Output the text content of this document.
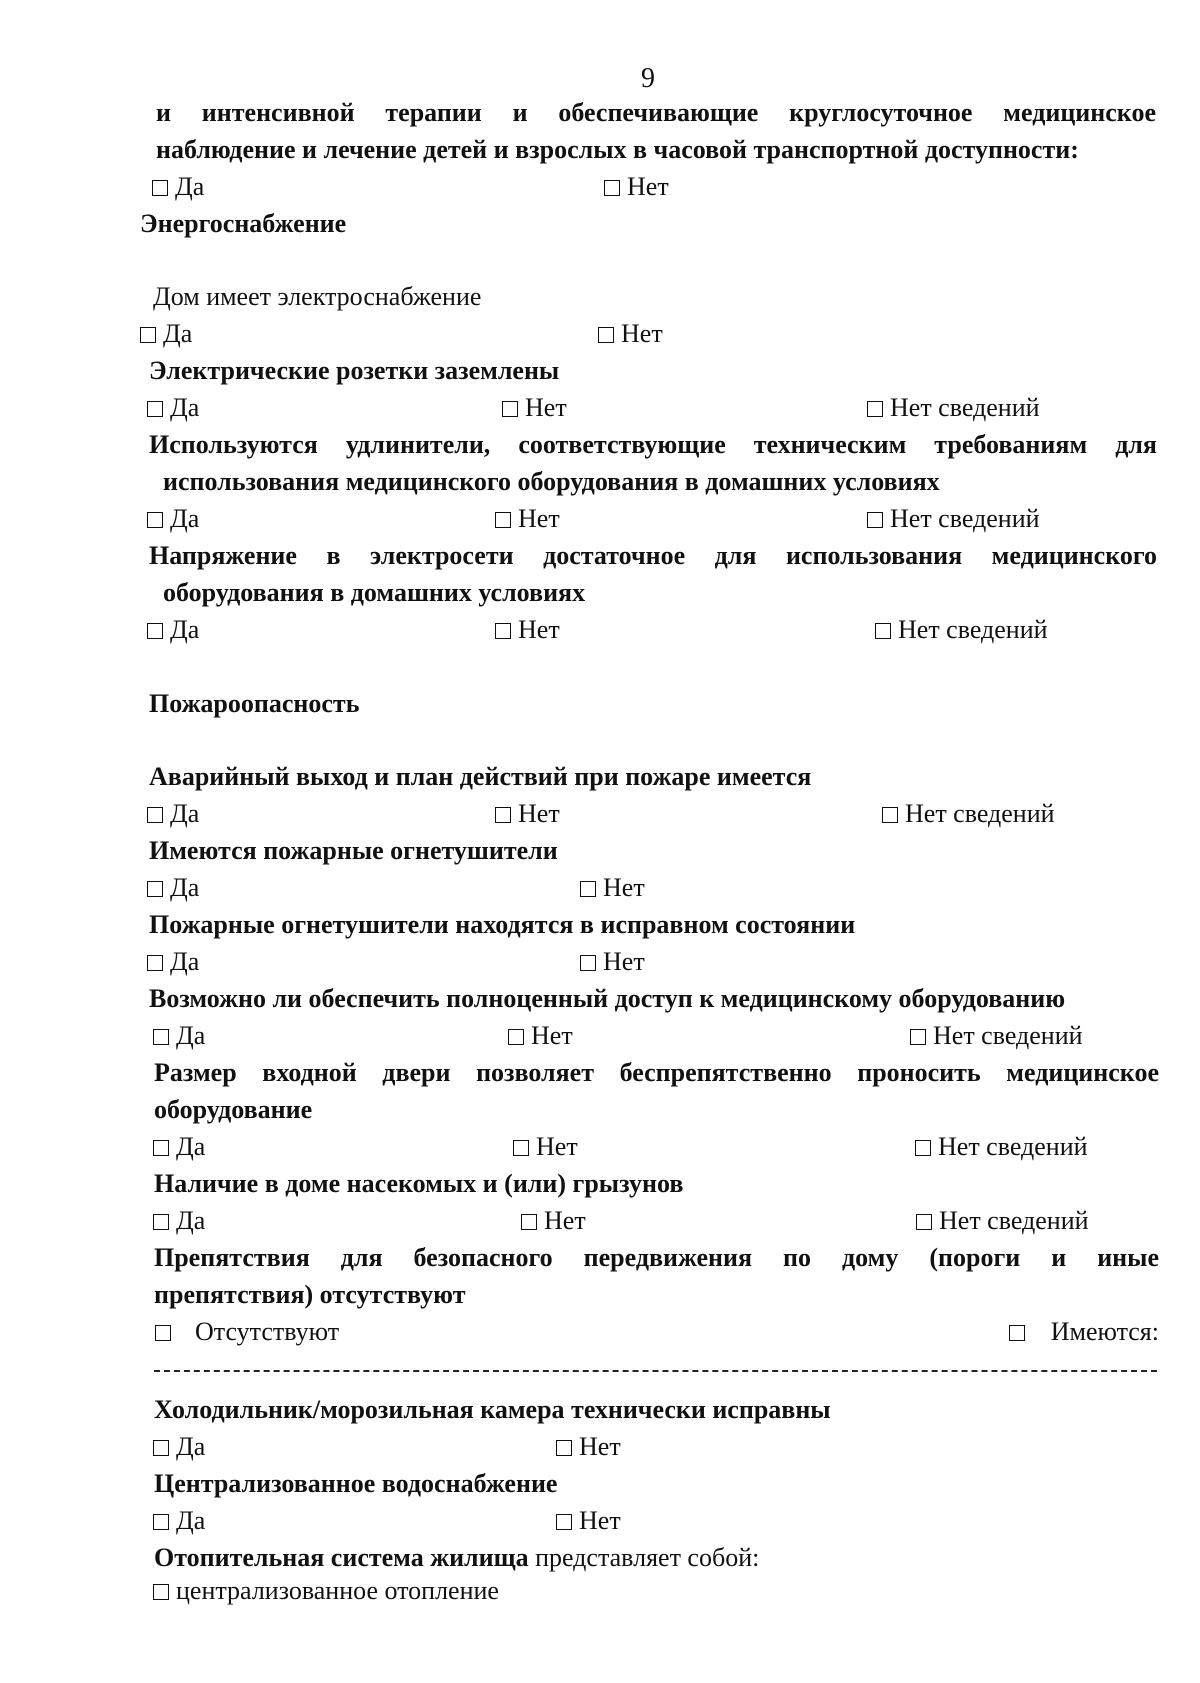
9
и интенсивной терапии и обеспечивающие круглосуточное медицинское
наблюдение и лечение детей и взрослых в часовой транспортной доступности:
Да	Нет
Энергоснабжение
Дом имеет электроснабжение
Да	Нет
Электрические розетки заземлены
Да	Нет	Нет сведений
Используются удлинители, соответствующие техническим требованиям для
использования медицинского оборудования в домашних условиях
Да	Нет	Нет сведений
Напряжение в электросети достаточное для использования медицинского
оборудования в домашних условиях
Да	Нет	Нет сведений
Пожароопасность
Аварийный выход и план действий при пожаре имеется
Да	Нет	Нет сведений
Имеются пожарные огнетушители
Да	Нет
Пожарные огнетушители находятся в исправном состоянии
Да	Нет
Возможно ли обеспечить полноценный доступ к медицинскому оборудованию
Да	Нет	Нет сведений
Размер входной двери позволяет беспрепятственно проносить медицинское
оборудование
Да	Нет	Нет сведений
Наличие в доме насекомых и (или) грызунов
Да	Нет	Нет сведений
Препятствия для безопасного передвижения по дому (пороги и иные
препятствия) отсутствуют
Отсутствуют	Имеются:
Холодильник/морозильная камера технически исправны
Да	Нет
Централизованное водоснабжение
Да	Нет
Отопительная система жилища представляет собой:
централизованное отопление
